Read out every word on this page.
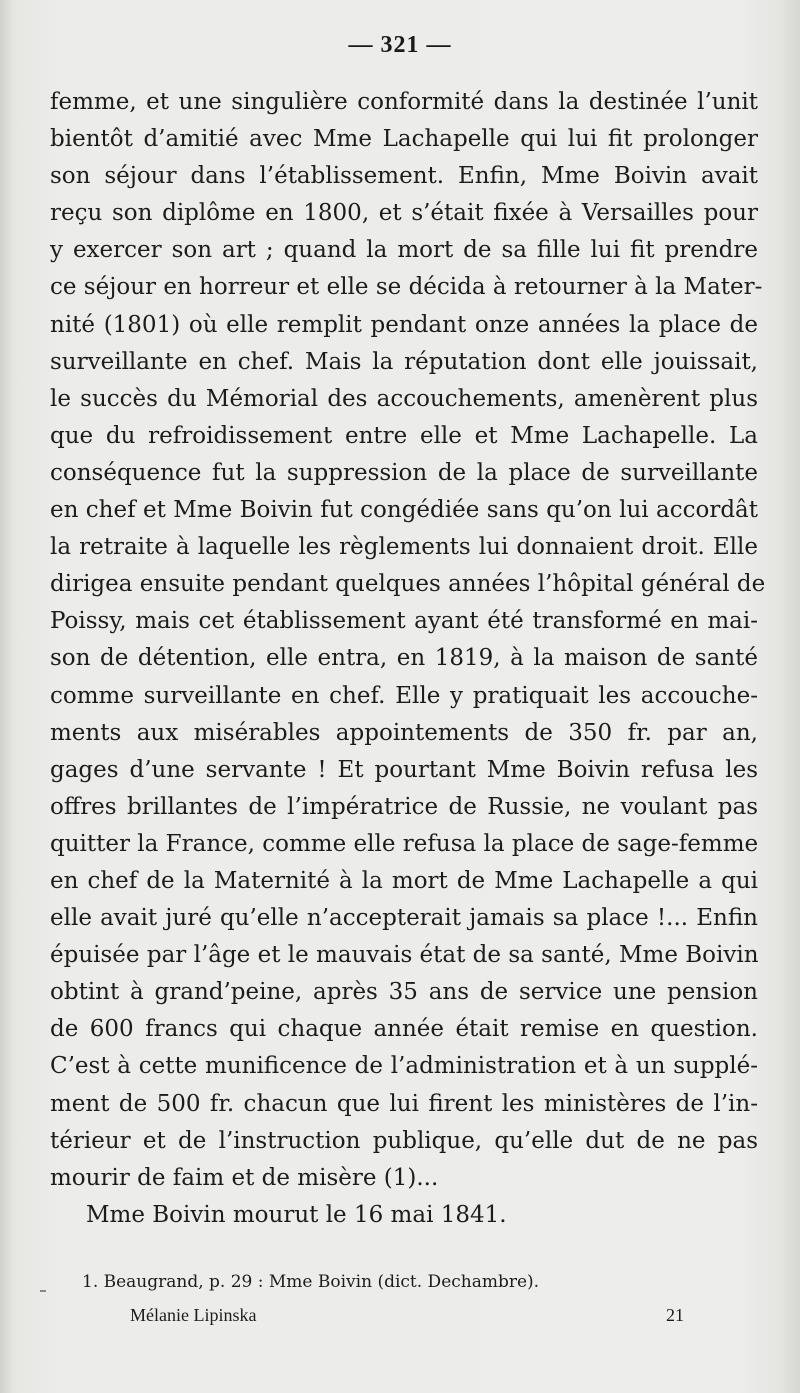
— 321 —
femme, et une singulière conformité dans la destinée l’unit
bientôt d’amitié avec Mme Lachapelle qui lui fit prolonger
son séjour dans l’établissement. Enfin, Mme Boivin avait
reçu son diplôme en 1800, et s’était fixée à Versailles pour
y exercer son art ; quand la mort de sa fille lui fit prendre
ce séjour en horreur et elle se décida à retourner à la Mater-
nité (1801) où elle remplit pendant onze années la place de
surveillante en chef. Mais la réputation dont elle jouissait,
le succès du Mémorial des accouchements, amenèrent plus
que du refroidissement entre elle et Mme Lachapelle. La
conséquence fut la suppression de la place de surveillante
en chef et Mme Boivin fut congédiée sans qu’on lui accordât
la retraite à laquelle les règlements lui donnaient droit. Elle
dirigea ensuite pendant quelques années l’hôpital général de
Poissy, mais cet établissement ayant été transformé en mai-
son de détention, elle entra, en 1819, à la maison de santé
comme surveillante en chef. Elle y pratiquait les accouche-
ments aux misérables appointements de 350 fr. par an,
gages d’une servante ! Et pourtant Mme Boivin refusa les
offres brillantes de l’impératrice de Russie, ne voulant pas
quitter la France, comme elle refusa la place de sage-femme
en chef de la Maternité à la mort de Mme Lachapelle a qui
elle avait juré qu’elle n’accepterait jamais sa place !... Enfin
épuisée par l’âge et le mauvais état de sa santé, Mme Boivin
obtint à grand’peine, après 35 ans de service une pension
de 600 francs qui chaque année était remise en question.
C’est à cette munificence de l’administration et à un supplé-
ment de 500 fr. chacun que lui firent les ministères de l’in-
térieur et de l’instruction publique, qu’elle dut de ne pas
mourir de faim et de misère (1)...
Mme Boivin mourut le 16 mai 1841.
1. Beaugrand, p. 29 : Mme Boivin (dict. Dechambre).
Mélanie Lipinska	21
